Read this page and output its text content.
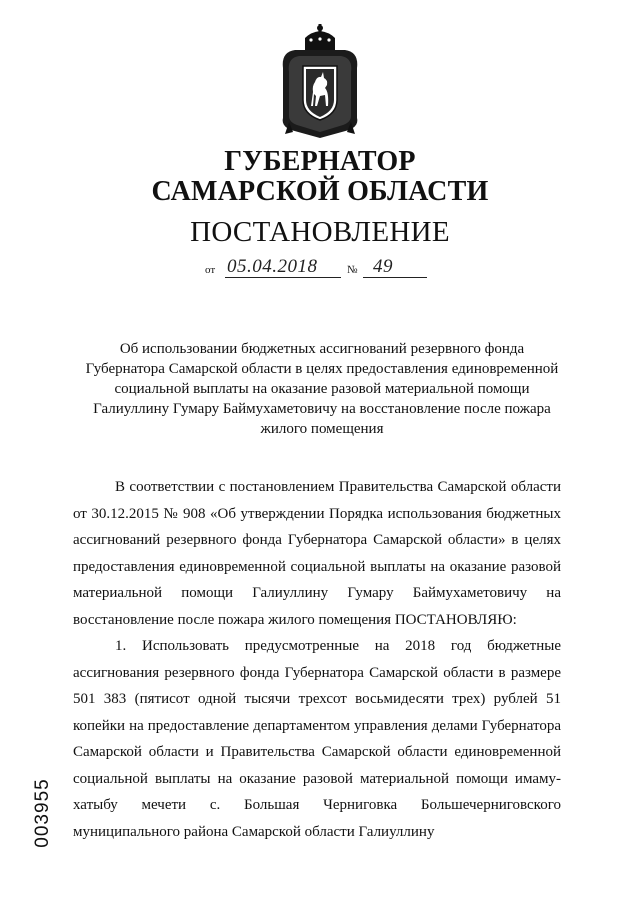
ГУБЕРНАТОР
САМАРСКОЙ ОБЛАСТИ
ПОСТАНОВЛЕНИЕ
от 05.04.2018	№ 49
Об использовании бюджетных ассигнований резервного фонда Губернатора Самарской области в целях предоставления единовременной социальной выплаты на оказание разовой материальной помощи Галиуллину Гумару Баймухаметовичу на восстановление после пожара жилого помещения

В соответствии с постановлением Правительства Самарской области от 30.12.2015 № 908 «Об утверждении Порядка использования бюджетных ассигнований резервного фонда Губернатора Самарской области» в целях предоставления единовременной социальной выплаты на оказание разовой материальной помощи Галиуллину Гумару Баймухаметовичу на восстановление после пожара жилого помещения ПОСТАНОВЛЯЮ:

1. Использовать предусмотренные на 2018 год бюджетные ассигнования резервного фонда Губернатора Самарской области в размере 501 383 (пятисот одной тысячи трехсот восьмидесяти трех) рублей 51 копейки на предоставление департаментом управления делами Губернатора Самарской области и Правительства Самарской области единовременной социальной выплаты на оказание разовой материальной помощи имаму-хатыбу мечети с. Большая Черниговка Большечерниговского муниципального района Самарской области Галиуллину

003955
